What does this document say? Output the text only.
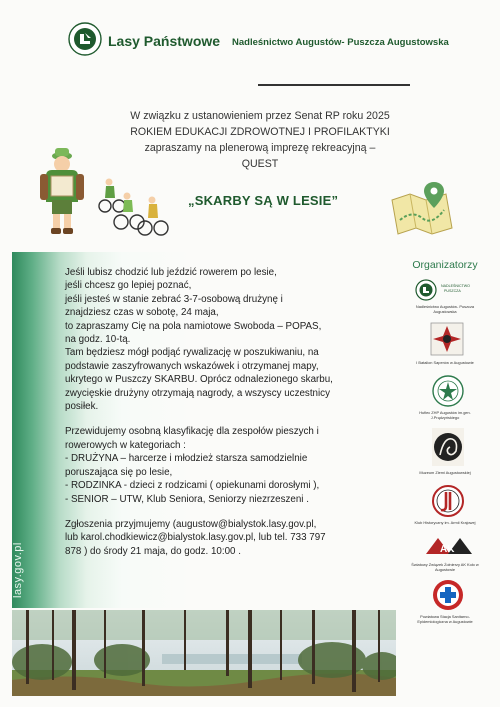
Lasy Państwowe Nadleśnictwo Augustów- Puszcza Augustowska
W związku z ustanowieniem przez Senat RP roku 2025
ROKIEM EDUKACJI ZDROWOTNEJ I PROFILAKTYKI
zapraszamy na plenerową imprezę rekreacyjną –
QUEST
„SKARBY SĄ W LESIE”
lasy.gov.pl
Jeśli lubisz chodzić lub jeździć rowerem po lesie,
jeśli chcesz go lepiej poznać,
jeśli jesteś w stanie zebrać 3-7-osobową drużynę i
znajdziesz czas w sobotę, 24 maja,
to zapraszamy Cię na pola namiotowe Swoboda – POPAS,
na godz. 10-tą.
Tam będziesz mógł podjąć rywalizację w poszukiwaniu, na
podstawie zaszyfrowanych wskazówek i otrzymanej mapy,
ukrytego w Puszczy SKARBU. Oprócz odnalezionego skarbu,
zwycięskie drużyny otrzymają nagrody, a wszyscy uczestnicy
posiłek.
Przewidujemy osobną klasyfikację dla zespołów pieszych i
rowerowych w kategoriach :
- DRUŻYNA – harcerze i młodzież starsza samodzielnie
poruszająca się po lesie,
- RODZINKA - dzieci z rodzicami ( opiekunami dorosłymi ),
- SENIOR – UTW, Klub Seniora, Seniorzy niezrzeszeni .
Zgłoszenia przyjmujemy (augustow@bialystok.lasy.gov.pl,
lub karol.chodkiewicz@bialystok.lasy.gov.pl, lub tel. 733 797
878 ) do środy 21 maja, do godz. 10:00 .
Organizatorzy
NADLEŚNICTWO
PUSZCZA
Nadleśnictwo Augustów- Puszcza
Augustowska
I Batalion Saperów w Augustowie
Hufiec ZHP Augustów im.gen.
J.Prądzyńskiego
Muzeum Ziemi Augustowskiej
Klub Historyczny im. Armii Krajowej
AK
Światowy Związek Żołnierzy AK Koło w
Augustowie
Powiatowa Stacja Sanitarno-
Epidemiologiczna w Augustowie
